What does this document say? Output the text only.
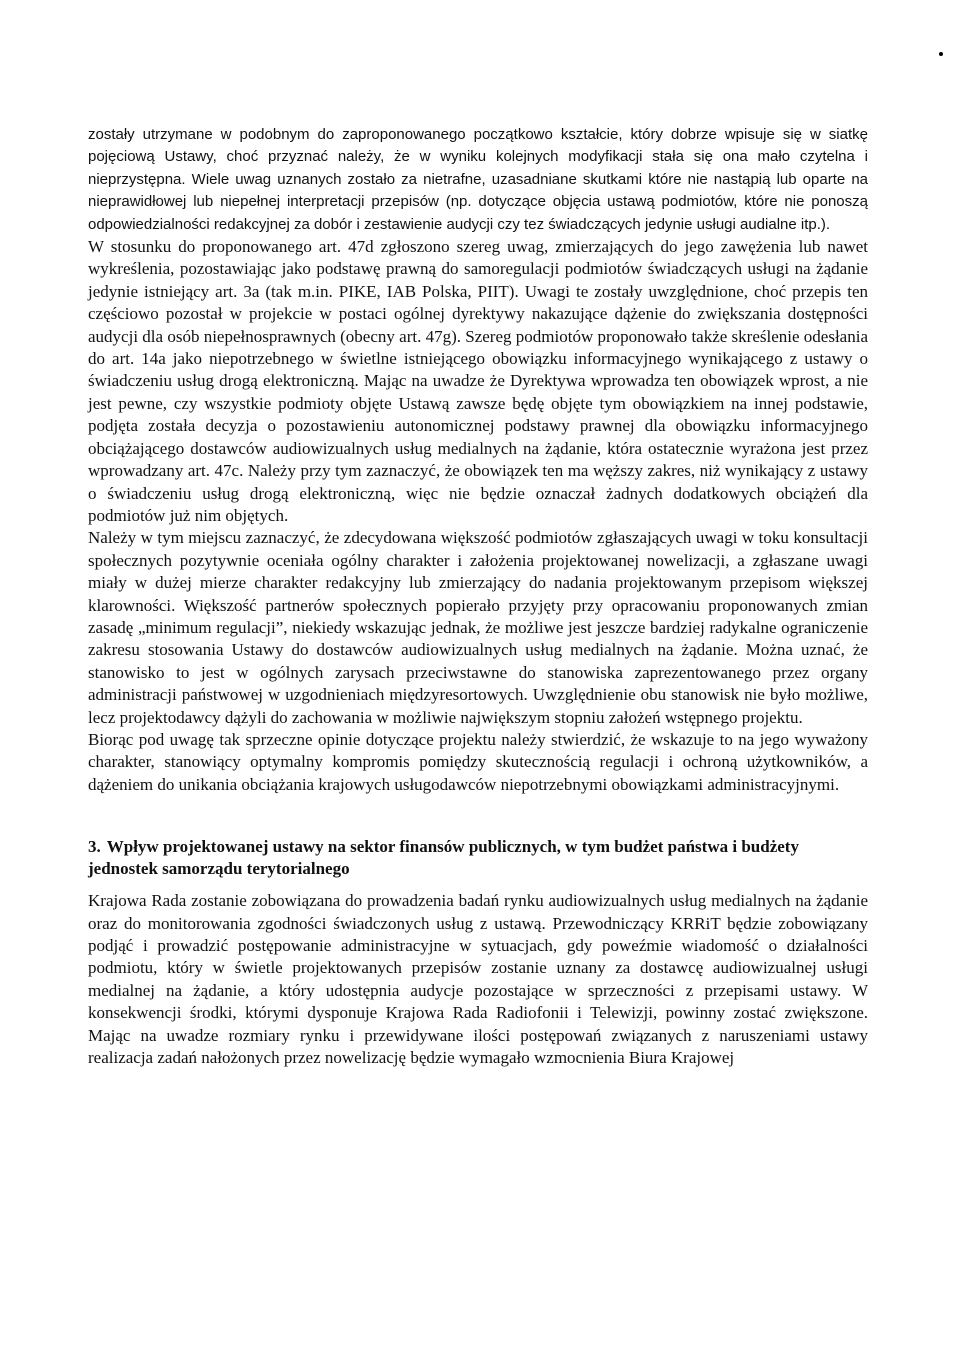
zostały utrzymane w podobnym do zaproponowanego początkowo kształcie, który dobrze wpisuje się w siatkę pojęciową Ustawy, choć przyznać należy, że w wyniku kolejnych modyfikacji stała się ona mało czytelna i nieprzystępna. Wiele uwag uznanych zostało za nietrafne, uzasadniane skutkami które nie nastąpią lub oparte na nieprawidłowej lub niepełnej interpretacji przepisów (np. dotyczące objęcia ustawą podmiotów, które nie ponoszą odpowiedzialności redakcyjnej za dobór i zestawienie audycji czy tez świadczących jedynie usługi audialne itp.).

W stosunku do proponowanego art. 47d zgłoszono szereg uwag, zmierzających do jego zawężenia lub nawet wykreślenia, pozostawiając jako podstawę prawną do samoregulacji podmiotów świadczących usługi na żądanie jedynie istniejący art. 3a (tak m.in. PIKE, IAB Polska, PIIT). Uwagi te zostały uwzględnione, choć przepis ten częściowo pozostał w projekcie w postaci ogólnej dyrektywy nakazujące dążenie do zwiększania dostępności audycji dla osób niepełnosprawnych (obecny art. 47g). Szereg podmiotów proponowało także skreślenie odesłania do art. 14a jako niepotrzebnego w świetlne istniejącego obowiązku informacyjnego wynikającego z ustawy o świadczeniu usług drogą elektroniczną. Mając na uwadze że Dyrektywa wprowadza ten obowiązek wprost, a nie jest pewne, czy wszystkie podmioty objęte Ustawą zawsze będę objęte tym obowiązkiem na innej podstawie, podjęta została decyzja o pozostawieniu autonomicznej podstawy prawnej dla obowiązku informacyjnego obciążającego dostawców audiowizualnych usług medialnych na żądanie, która ostatecznie wyrażona jest przez wprowadzany art. 47c. Należy przy tym zaznaczyć, że obowiązek ten ma węższy zakres, niż wynikający z ustawy o świadczeniu usług drogą elektroniczną, więc nie będzie oznaczał żadnych dodatkowych obciążeń dla podmiotów już nim objętych.

Należy w tym miejscu zaznaczyć, że zdecydowana większość podmiotów zgłaszających uwagi w toku konsultacji społecznych pozytywnie oceniała ogólny charakter i założenia projektowanej nowelizacji, a zgłaszane uwagi miały w dużej mierze charakter redakcyjny lub zmierzający do nadania projektowanym przepisom większej klarowności. Większość partnerów społecznych popierało przyjęty przy opracowaniu proponowanych zmian zasadę „minimum regulacji”, niekiedy wskazując jednak, że możliwe jest jeszcze bardziej radykalne ograniczenie zakresu stosowania Ustawy do dostawców audiowizualnych usług medialnych na żądanie. Można uznać, że stanowisko to jest w ogólnych zarysach przeciwstawne do stanowiska zaprezentowanego przez organy administracji państwowej w uzgodnieniach międzyresortowych. Uwzględnienie obu stanowisk nie było możliwe, lecz projektodawcy dążyli do zachowania w możliwie największym stopniu założeń wstępnego projektu.

Biorąc pod uwagę tak sprzeczne opinie dotyczące projektu należy stwierdzić, że wskazuje to na jego wyważony charakter, stanowiący optymalny kompromis pomiędzy skutecznością regulacji i ochroną użytkowników, a dążeniem do unikania obciążania krajowych usługodawców niepotrzebnymi obowiązkami administracyjnymi.

3. Wpływ projektowanej ustawy na sektor finansów publicznych, w tym budżet państwa i budżety jednostek samorządu terytorialnego

Krajowa Rada zostanie zobowiązana do prowadzenia badań rynku audiowizualnych usług medialnych na żądanie oraz do monitorowania zgodności świadczonych usług z ustawą. Przewodniczący KRRiT będzie zobowiązany podjąć i prowadzić postępowanie administracyjne w sytuacjach, gdy poweźmie wiadomość o działalności podmiotu, który w świetle projektowanych przepisów zostanie uznany za dostawcę audiowizualnej usługi medialnej na żądanie, a który udostępnia audycje pozostające w sprzeczności z przepisami ustawy. W konsekwencji środki, którymi dysponuje Krajowa Rada Radiofonii i Telewizji, powinny zostać zwiększone. Mając na uwadze rozmiary rynku i przewidywane ilości postępowań związanych z naruszeniami ustawy realizacja zadań nałożonych przez nowelizację będzie wymagało wzmocnienia Biura Krajowej
